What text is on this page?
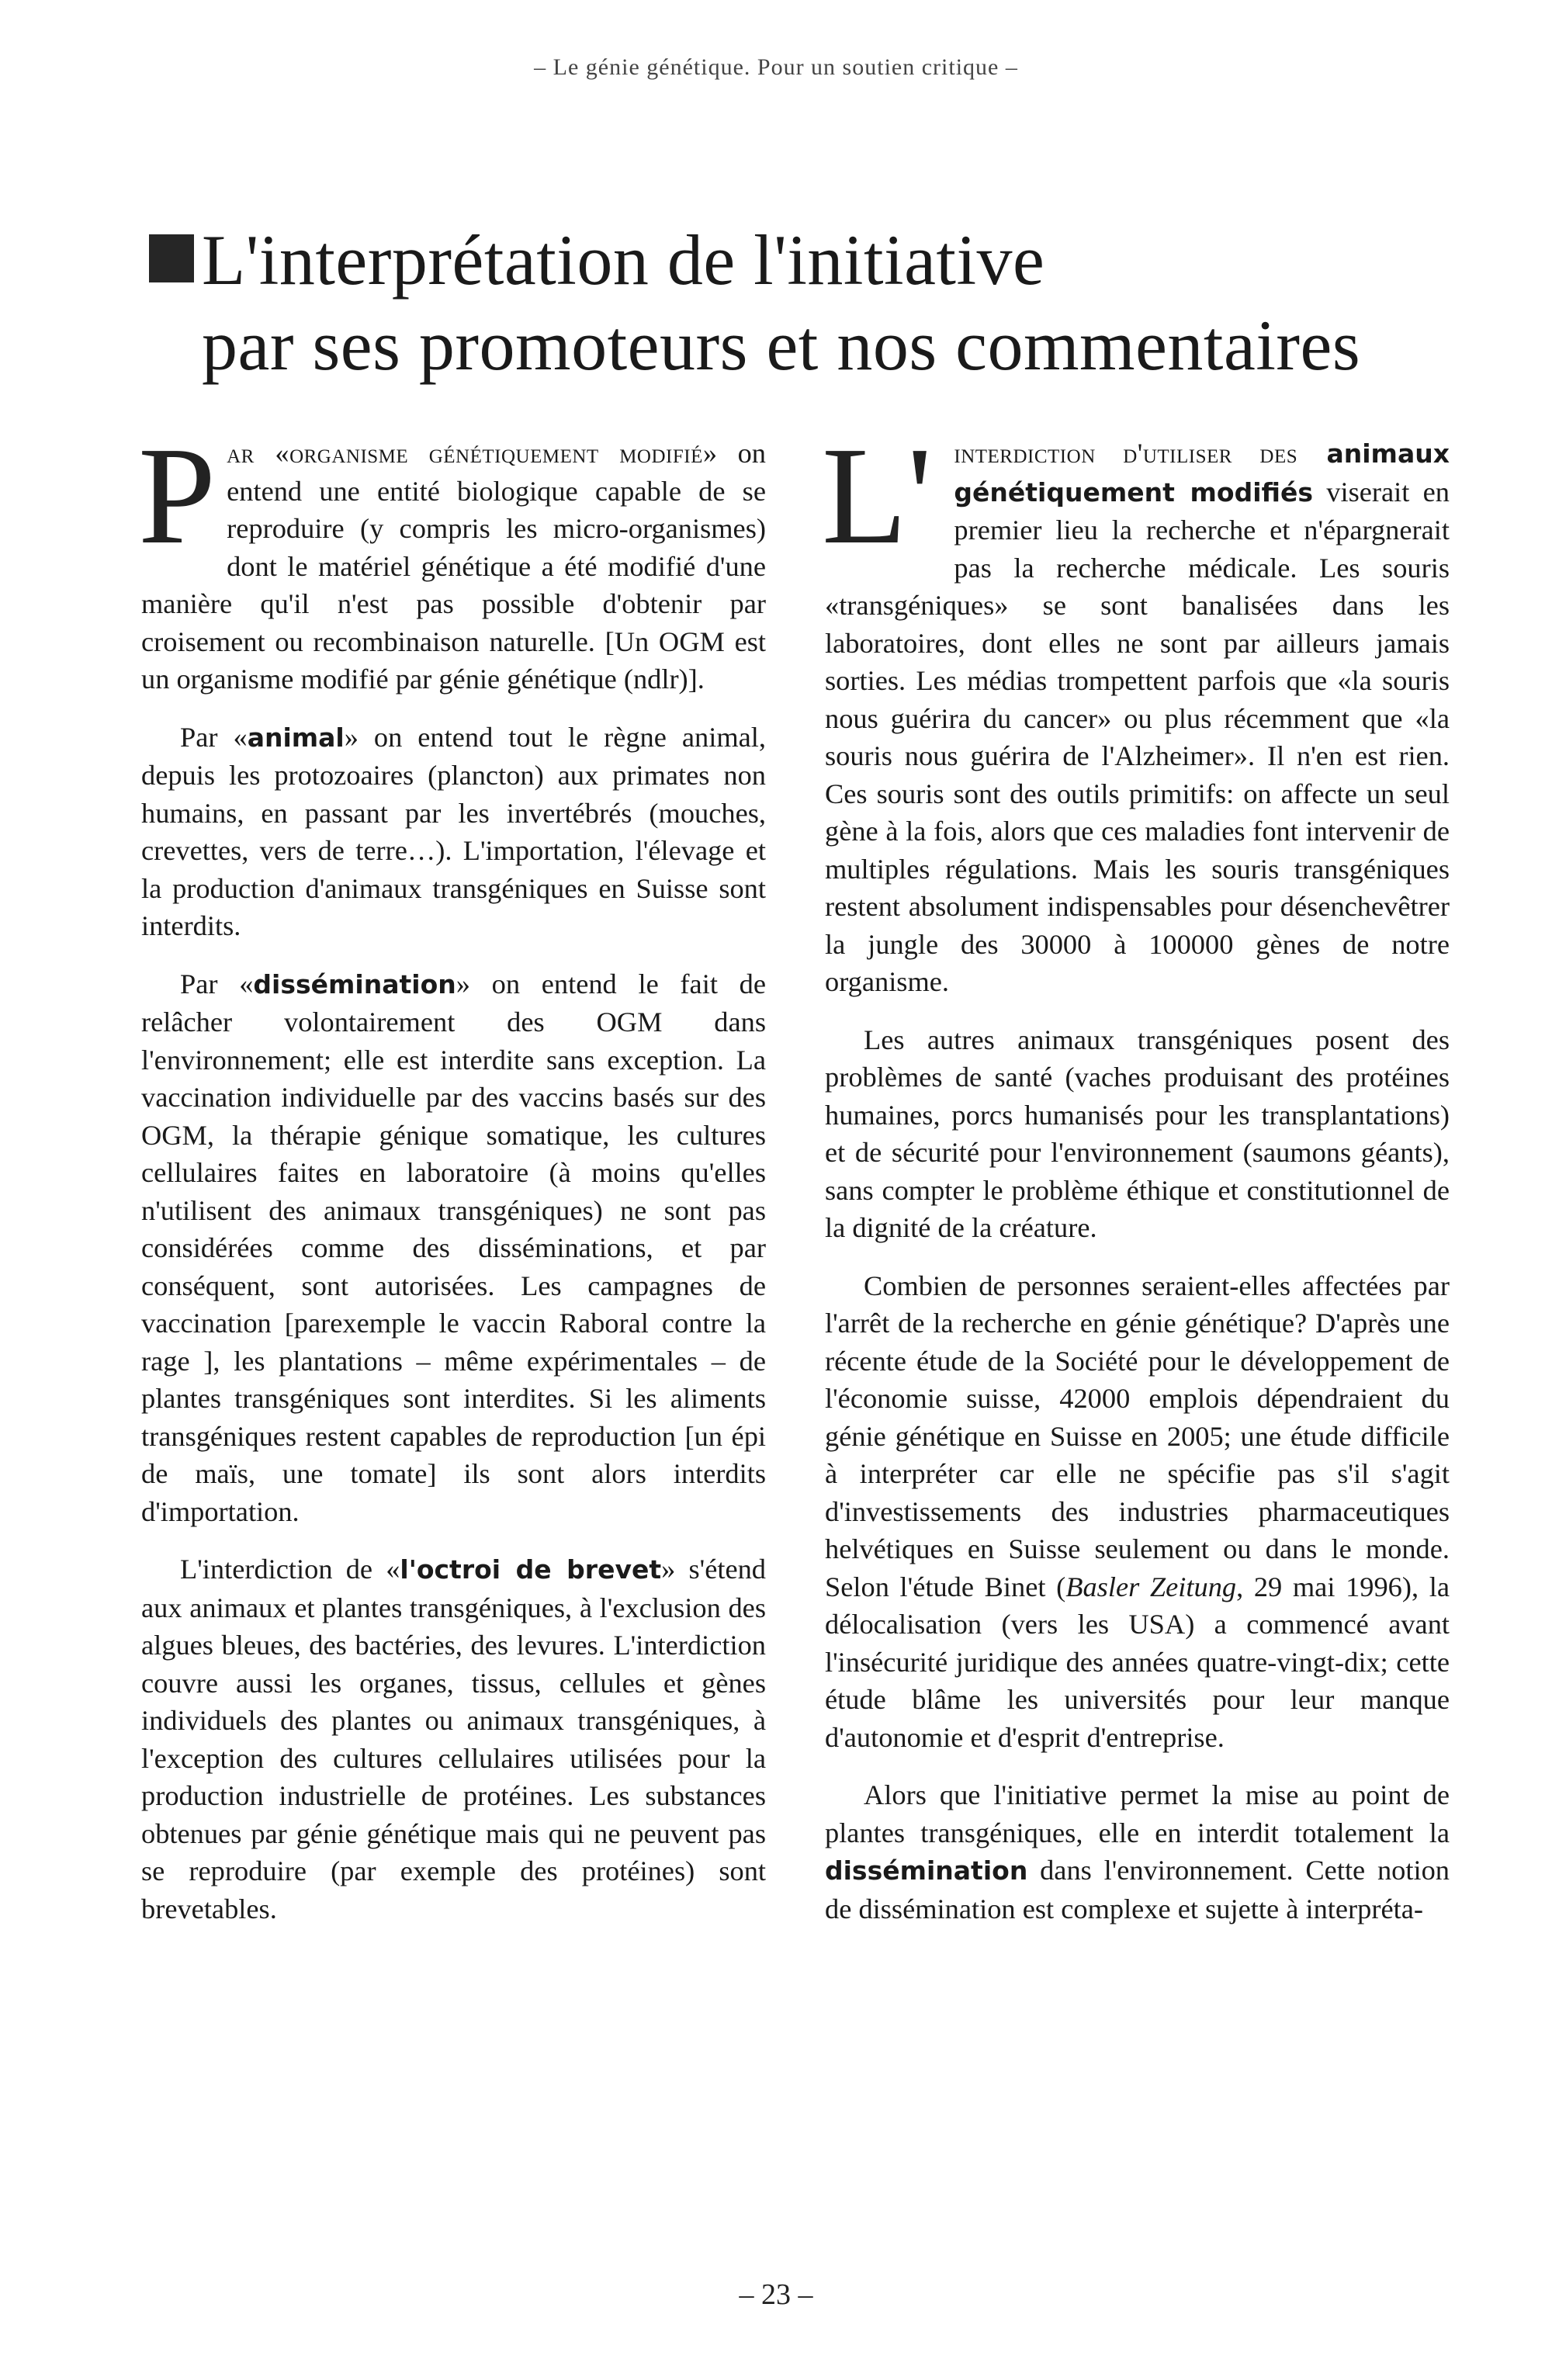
– Le génie génétique. Pour un soutien critique –
L'interprétation de l'initiative
par ses promoteurs et nos commentaires

Par «organisme génétiquement modifié» on entend une entité biologique capable de se reproduire (y compris les micro-organismes) dont le matériel génétique a été modifié d'une manière qu'il n'est pas possible d'obtenir par croisement ou recombinaison naturelle. [Un OGM est un organisme modifié par génie génétique (ndlr)].

Par «animal» on entend tout le règne animal, depuis les protozoaires (plancton) aux primates non humains, en passant par les invertébrés (mouches, crevettes, vers de terre…). L'importation, l'élevage et la production d'animaux transgéniques en Suisse sont interdits.

Par «dissémination» on entend le fait de relâcher volontairement des OGM dans l'environnement; elle est interdite sans exception. La vaccination individuelle par des vaccins basés sur des OGM, la thérapie génique somatique, les cultures cellulaires faites en laboratoire (à moins qu'elles n'utilisent des animaux transgéniques) ne sont pas considérées comme des disséminations, et par conséquent, sont autorisées. Les campagnes de vaccination [parexemple le vaccin Raboral contre la rage ], les plantations – même expérimentales – de plantes transgéniques sont interdites. Si les aliments transgéniques restent capables de reproduction [un épi de maïs, une tomate] ils sont alors interdits d'importation.

L'interdiction de «l'octroi de brevet» s'étend aux animaux et plantes transgéniques, à l'exclusion des algues bleues, des bactéries, des levures. L'interdiction couvre aussi les organes, tissus, cellules et gènes individuels des plantes ou animaux transgéniques, à l'exception des cultures cellulaires utilisées pour la production industrielle de protéines. Les substances obtenues par génie génétique mais qui ne peuvent pas se reproduire (par exemple des protéines) sont brevetables.

L' interdiction d'utiliser des animaux génétiquement modifiés viserait en premier lieu la recherche et n'épargnerait pas la recherche médicale. Les souris «transgéniques» se sont banalisées dans les laboratoires, dont elles ne sont par ailleurs jamais sorties. Les médias trompettent parfois que «la souris nous guérira du cancer» ou plus récemment que «la souris nous guérira de l'Alzheimer». Il n'en est rien. Ces souris sont des outils primitifs: on affecte un seul gène à la fois, alors que ces maladies font intervenir de multiples régulations. Mais les souris transgéniques restent absolument indispensables pour désenchevêtrer la jungle des 30000 à 100000 gènes de notre organisme.

Les autres animaux transgéniques posent des problèmes de santé (vaches produisant des protéines humaines, porcs humanisés pour les transplantations) et de sécurité pour l'environnement (saumons géants), sans compter le problème éthique et constitutionnel de la dignité de la créature.

Combien de personnes seraient-elles affectées par l'arrêt de la recherche en génie génétique? D'après une récente étude de la Société pour le développement de l'économie suisse, 42000 emplois dépendraient du génie génétique en Suisse en 2005; une étude difficile à interpréter car elle ne spécifie pas s'il s'agit d'investissements des industries pharmaceutiques helvétiques en Suisse seulement ou dans le monde. Selon l'étude Binet (Basler Zeitung, 29 mai 1996), la délocalisation (vers les USA) a commencé avant l'insécurité juridique des années quatre-vingt-dix; cette étude blâme les universités pour leur manque d'autonomie et d'esprit d'entreprise.

Alors que l'initiative permet la mise au point de plantes transgéniques, elle en interdit totalement la dissémination dans l'environnement. Cette notion de dissémination est complexe et sujette à interpréta-

– 23 –
